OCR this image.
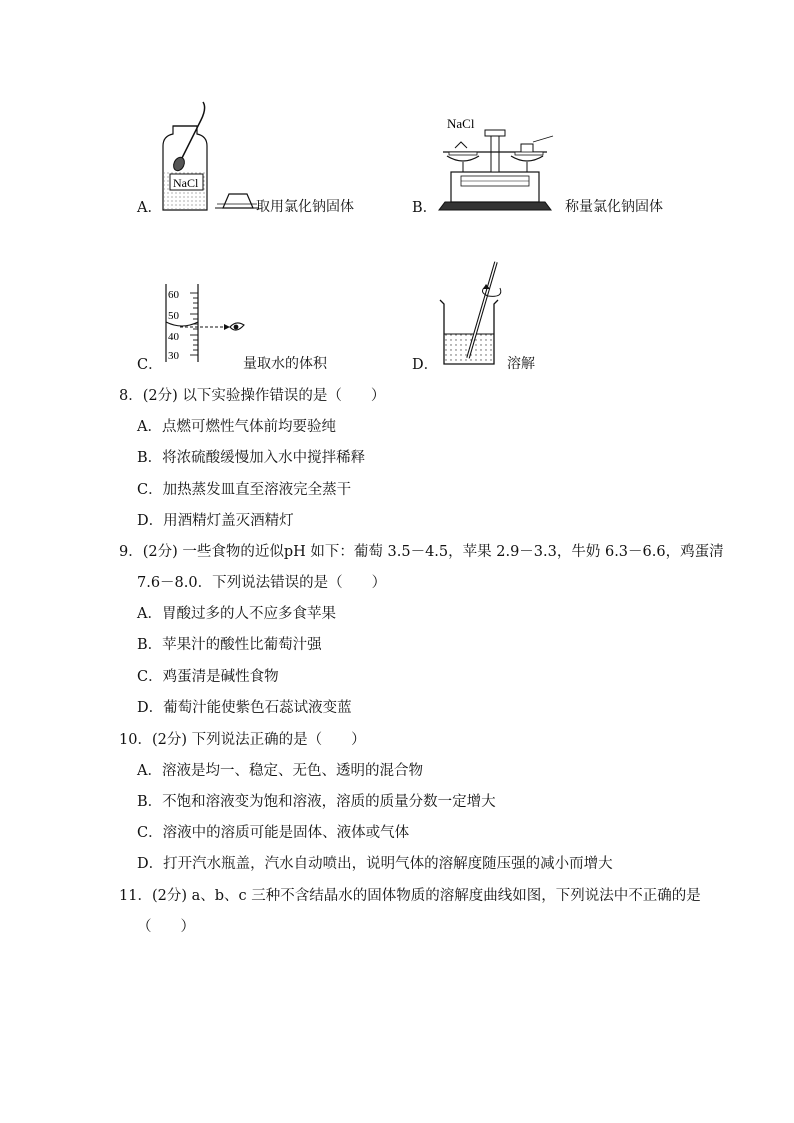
A．
NaCl
取用氯化钠固体	B．
NaCl
称量氯化钠固体
C．
60
50
40
30	量取水的体积	D．	溶解
8．(2分) 以下实验操作错误的是（　　）
A．点燃可燃性气体前均要验纯
B．将浓硫酸缓慢加入水中搅拌稀释
C．加热蒸发皿直至溶液完全蒸干
D．用酒精灯盖灭酒精灯
9．(2分) 一些食物的近似pH 如下：葡萄 3.5－4.5，苹果 2.9－3.3，牛奶 6.3－6.6，鸡蛋清
7.6－8.0．下列说法错误的是（　　）
A．胃酸过多的人不应多食苹果
B．苹果汁的酸性比葡萄汁强
C．鸡蛋清是碱性食物
D．葡萄汁能使紫色石蕊试液变蓝
10．(2分) 下列说法正确的是（　　）
A．溶液是均一、稳定、无色、透明的混合物
B．不饱和溶液变为饱和溶液，溶质的质量分数一定增大
C．溶液中的溶质可能是固体、液体或气体
D．打开汽水瓶盖，汽水自动喷出，说明气体的溶解度随压强的减小而增大
11．(2分) a、b、c 三种不含结晶水的固体物质的溶解度曲线如图，下列说法中不正确的是
（　　）
